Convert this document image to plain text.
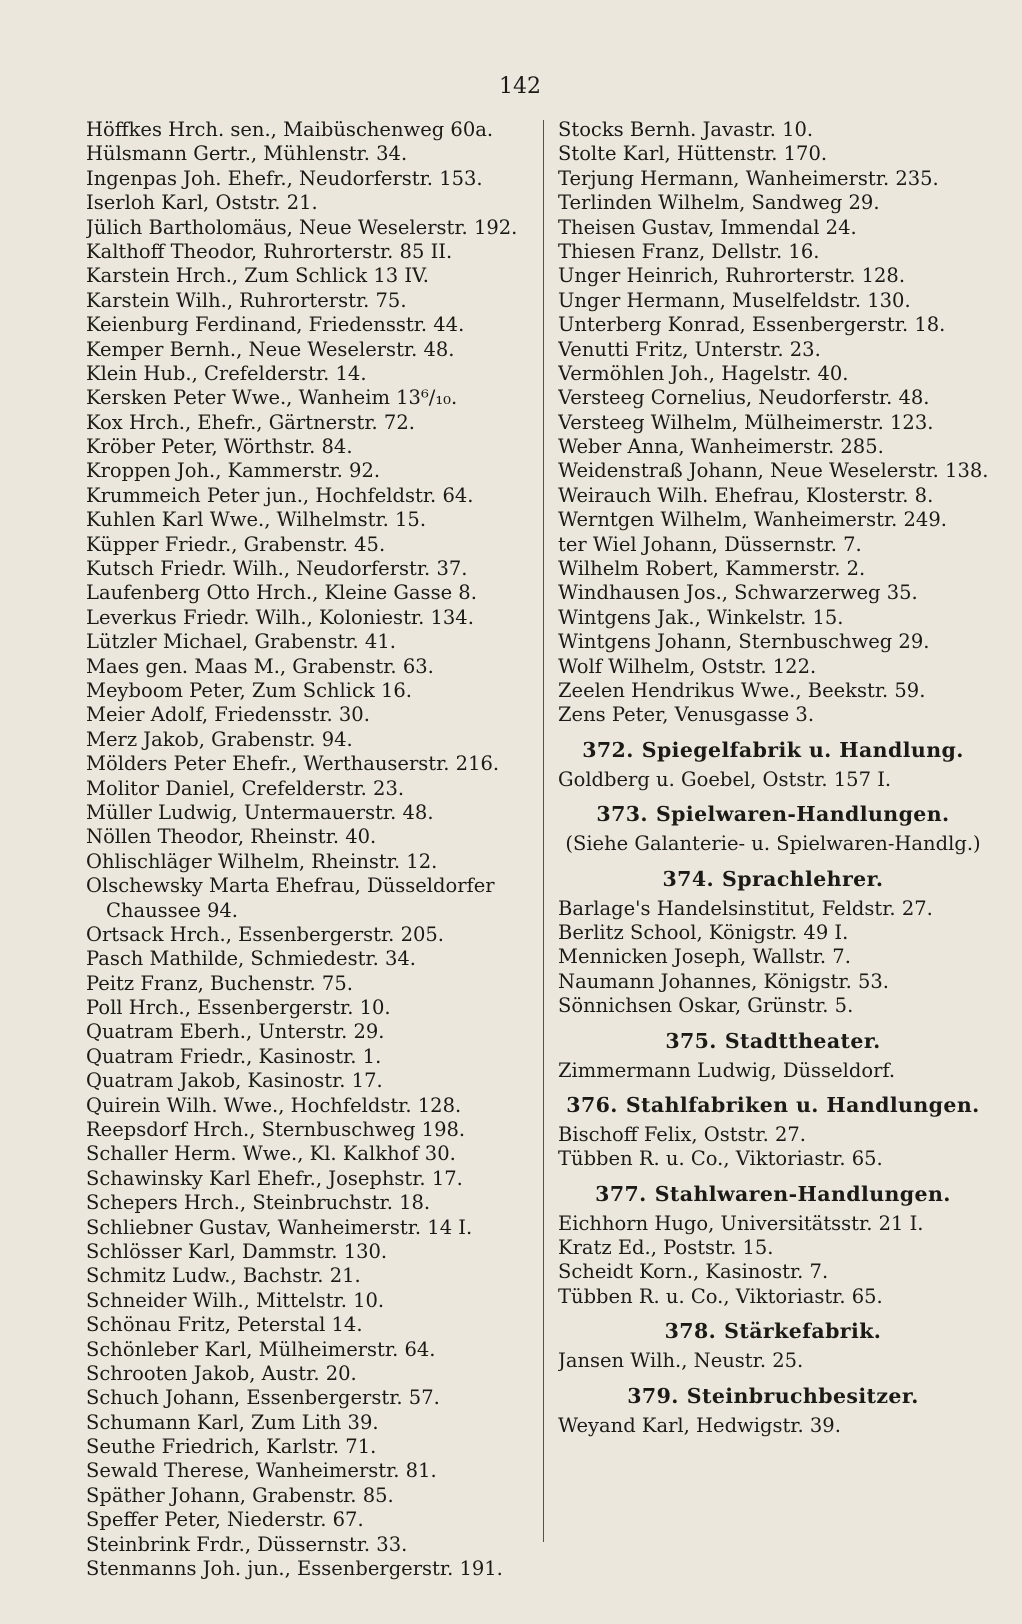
142
Höffkes Hrch. sen., Maibüschenweg 60a.
Hülsmann Gertr., Mühlenstr. 34.
Ingenpas Joh. Ehefr., Neudorferstr. 153.
Iserloh Karl, Oststr. 21.
Jülich Bartholomäus, Neue Weselerstr. 192.
Kalthoff Theodor, Ruhrorterstr. 85 II.
Karstein Hrch., Zum Schlick 13 IV.
Karstein Wilh., Ruhrorterstr. 75.
Keienburg Ferdinand, Friedensstr. 44.
Kemper Bernh., Neue Weselerstr. 48.
Klein Hub., Crefelderstr. 14.
Kersken Peter Wwe., Wanheim 13⁶/₁₀.
Kox Hrch., Ehefr., Gärtnerstr. 72.
Kröber Peter, Wörthstr. 84.
Kroppen Joh., Kammerstr. 92.
Krummeich Peter jun., Hochfeldstr. 64.
Kuhlen Karl Wwe., Wilhelmstr. 15.
Küpper Friedr., Grabenstr. 45.
Kutsch Friedr. Wilh., Neudorferstr. 37.
Laufenberg Otto Hrch., Kleine Gasse 8.
Leverkus Friedr. Wilh., Koloniestr. 134.
Lützler Michael, Grabenstr. 41.
Maes gen. Maas M., Grabenstr. 63.
Meyboom Peter, Zum Schlick 16.
Meier Adolf, Friedensstr. 30.
Merz Jakob, Grabenstr. 94.
Mölders Peter Ehefr., Werthauserstr. 216.
Molitor Daniel, Crefelderstr. 23.
Müller Ludwig, Untermauerstr. 48.
Nöllen Theodor, Rheinstr. 40.
Ohlischläger Wilhelm, Rheinstr. 12.
Olschewsky Marta Ehefrau, Düsseldorfer
Chaussee 94.
Ortsack Hrch., Essenbergerstr. 205.
Pasch Mathilde, Schmiedestr. 34.
Peitz Franz, Buchenstr. 75.
Poll Hrch., Essenbergerstr. 10.
Quatram Eberh., Unterstr. 29.
Quatram Friedr., Kasinostr. 1.
Quatram Jakob, Kasinostr. 17.
Quirein Wilh. Wwe., Hochfeldstr. 128.
Reepsdorf Hrch., Sternbuschweg 198.
Schaller Herm. Wwe., Kl. Kalkhof 30.
Schawinsky Karl Ehefr., Josephstr. 17.
Schepers Hrch., Steinbruchstr. 18.
Schliebner Gustav, Wanheimerstr. 14 I.
Schlösser Karl, Dammstr. 130.
Schmitz Ludw., Bachstr. 21.
Schneider Wilh., Mittelstr. 10.
Schönau Fritz, Peterstal 14.
Schönleber Karl, Mülheimerstr. 64.
Schrooten Jakob, Austr. 20.
Schuch Johann, Essenbergerstr. 57.
Schumann Karl, Zum Lith 39.
Seuthe Friedrich, Karlstr. 71.
Sewald Therese, Wanheimerstr. 81.
Späther Johann, Grabenstr. 85.
Speffer Peter, Niederstr. 67.
Steinbrink Frdr., Düssernstr. 33.
Stenmanns Joh. jun., Essenbergerstr. 191.
Stocks Bernh. Javastr. 10.
Stolte Karl, Hüttenstr. 170.
Terjung Hermann, Wanheimerstr. 235.
Terlinden Wilhelm, Sandweg 29.
Theisen Gustav, Immendal 24.
Thiesen Franz, Dellstr. 16.
Unger Heinrich, Ruhrorterstr. 128.
Unger Hermann, Muselfeldstr. 130.
Unterberg Konrad, Essenbergerstr. 18.
Venutti Fritz, Unterstr. 23.
Vermöhlen Joh., Hagelstr. 40.
Versteeg Cornelius, Neudorferstr. 48.
Versteeg Wilhelm, Mülheimerstr. 123.
Weber Anna, Wanheimerstr. 285.
Weidenstraß Johann, Neue Weselerstr. 138.
Weirauch Wilh. Ehefrau, Klosterstr. 8.
Werntgen Wilhelm, Wanheimerstr. 249.
ter Wiel Johann, Düssernstr. 7.
Wilhelm Robert, Kammerstr. 2.
Windhausen Jos., Schwarzerweg 35.
Wintgens Jak., Winkelstr. 15.
Wintgens Johann, Sternbuschweg 29.
Wolf Wilhelm, Oststr. 122.
Zeelen Hendrikus Wwe., Beekstr. 59.
Zens Peter, Venusgasse 3.
372. Spiegelfabrik u. Handlung.
Goldberg u. Goebel, Oststr. 157 I.
373. Spielwaren-Handlungen.
(Siehe Galanterie- u. Spielwaren-Handlg.)
374. Sprachlehrer.
Barlage's Handelsinstitut, Feldstr. 27.
Berlitz School, Königstr. 49 I.
Mennicken Joseph, Wallstr. 7.
Naumann Johannes, Königstr. 53.
Sönnichsen Oskar, Grünstr. 5.
375. Stadttheater.
Zimmermann Ludwig, Düsseldorf.
376. Stahlfabriken u. Handlungen.
Bischoff Felix, Oststr. 27.
Tübben R. u. Co., Viktoriastr. 65.
377. Stahlwaren-Handlungen.
Eichhorn Hugo, Universitätsstr. 21 I.
Kratz Ed., Poststr. 15.
Scheidt Korn., Kasinostr. 7.
Tübben R. u. Co., Viktoriastr. 65.
378. Stärkefabrik.
Jansen Wilh., Neustr. 25.
379. Steinbruchbesitzer.
Weyand Karl, Hedwigstr. 39.
